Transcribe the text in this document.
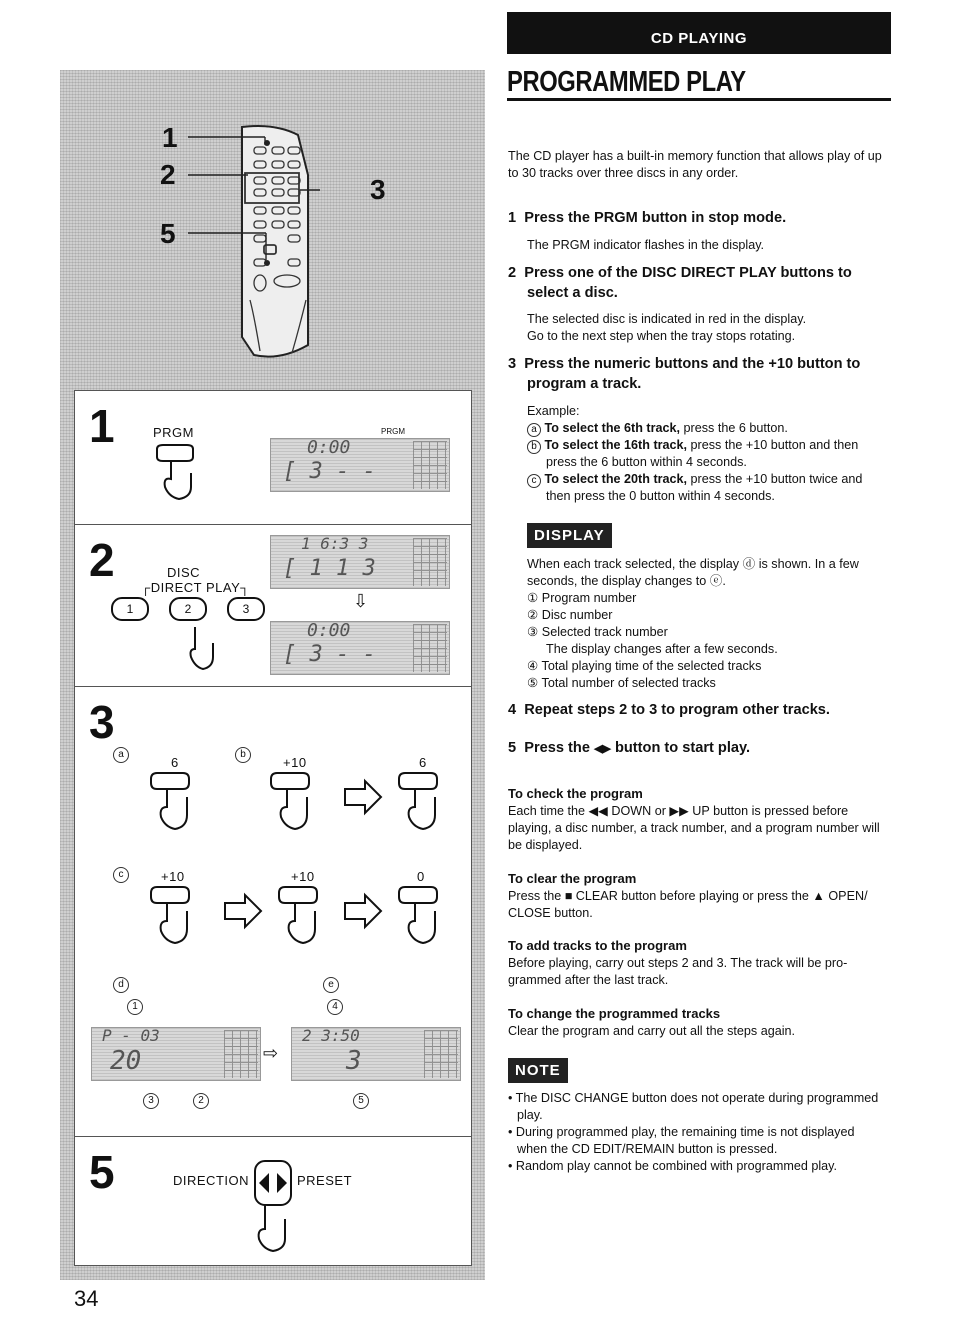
1
2	3
5
1	PRGM
0:00
[ 3 - -
PRGM
2	DISC
┌DIRECT PLAY┐
1	2	3
1 6:3 3
[ 1 1 3
⇩
0:00
[ 3 - -
3
a	b
6	+10	6
c	+10	+10	0
d	e
1	4
P - 03
20	⇨
2 3:50
3
3	2	5
5	DIRECTION	PRESET
34
CD PLAYING
PROGRAMMED PLAY
The CD player has a built-in memory function that allows play of up to 30 tracks over three discs in any order.
1 Press the PRGM button in stop mode.
The PRGM indicator flashes in the display.
2 Press one of the DISC DIRECT PLAY buttons to
select a disc.
The selected disc is indicated in red in the display.
Go to the next step when the tray stops rotating.
3 Press the numeric buttons and the +10 button to
program a track.
Example:
a To select the 6th track, press the 6 button.
b To select the 16th track, press the +10 button and then
press the 6 button within 4 seconds.
c To select the 20th track, press the +10 button twice and
then press the 0 button within 4 seconds.
DISPLAY
When each track selected, the display ⓓ is shown. In a few
seconds, the display changes to ⓔ.
① Program number
② Disc number
③ Selected track number
The display changes after a few seconds.
④ Total playing time of the selected tracks
⑤ Total number of selected tracks
4 Repeat steps 2 to 3 to program other tracks.
5 Press the ◀▶ button to start play.
To check the program
Each time the ◀◀ DOWN or ▶▶ UP button is pressed before
playing, a disc number, a track number, and a program number will
be displayed.
To clear the program
Press the ■ CLEAR button before playing or press the ▲ OPEN/
CLOSE button.
To add tracks to the program
Before playing, carry out steps 2 and 3. The track will be pro-
grammed after the last track.
To change the programmed tracks
Clear the program and carry out all the steps again.
NOTE
• The DISC CHANGE button does not operate during programmed
play.
• During programmed play, the remaining time is not displayed
when the CD EDIT/REMAIN button is pressed.
• Random play cannot be combined with programmed play.
